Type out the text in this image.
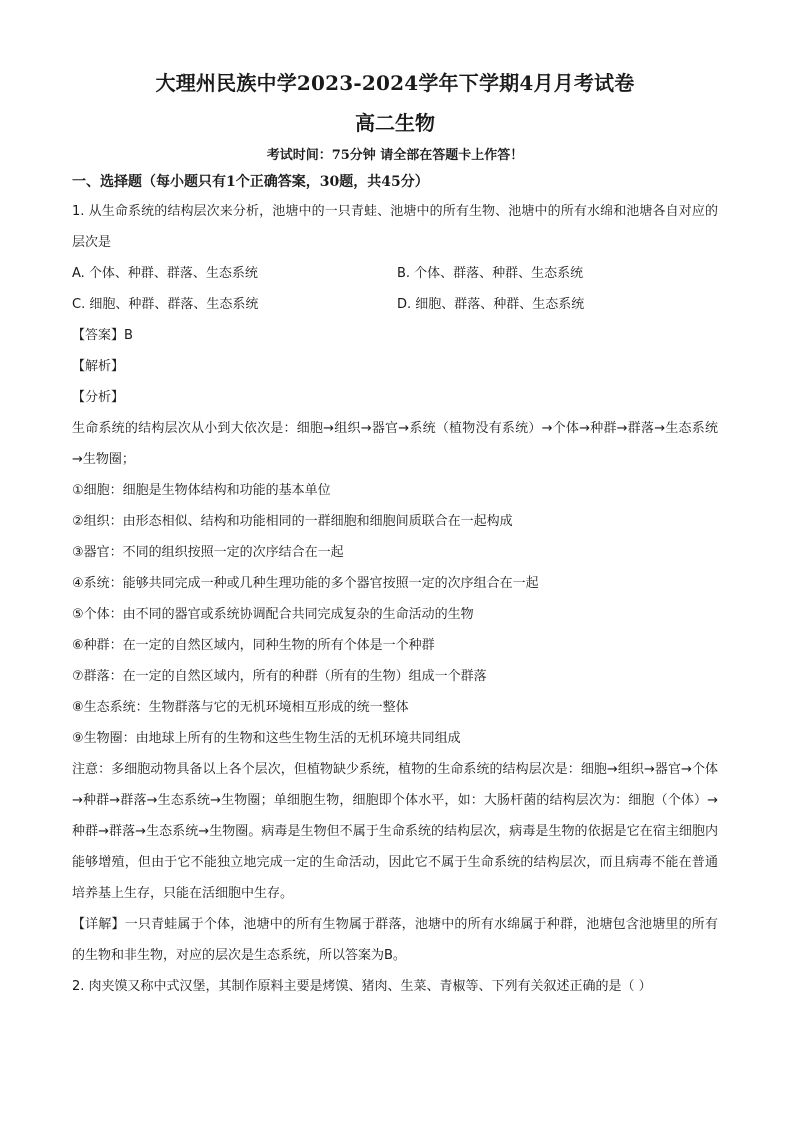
大理州民族中学2023-2024学年下学期4月月考试卷
高二生物
考试时间：75分钟 请全部在答题卡上作答！
一、选择题（每小题只有1个正确答案，30题，共45分）

1. 从生命系统的结构层次来分析，池塘中的一只青蛙、池塘中的所有生物、池塘中的所有水绵和池塘各自对应的层次是

A. 个体、种群、群落、生态系统	B. 个体、群落、种群、生态系统
C. 细胞、种群、群落、生态系统	D. 细胞、群落、种群、生态系统
【答案】B
【解析】
【分析】

生命系统的结构层次从小到大依次是：细胞→组织→器官→系统（植物没有系统）→个体→种群→群落→生态系统→生物圈；

①细胞：细胞是生物体结构和功能的基本单位

②组织：由形态相似、结构和功能相同的一群细胞和细胞间质联合在一起构成

③器官：不同的组织按照一定的次序结合在一起

④系统：能够共同完成一种或几种生理功能的多个器官按照一定的次序组合在一起

⑤个体：由不同的器官或系统协调配合共同完成复杂的生命活动的生物

⑥种群：在一定的自然区域内，同种生物的所有个体是一个种群

⑦群落：在一定的自然区域内，所有的种群（所有的生物）组成一个群落

⑧生态系统：生物群落与它的无机环境相互形成的统一整体

⑨生物圈：由地球上所有的生物和这些生物生活的无机环境共同组成

注意：多细胞动物具备以上各个层次，但植物缺少系统，植物的生命系统的结构层次是：细胞→组织→器官→个体→种群→群落→生态系统→生物圈；单细胞生物，细胞即个体水平，如：大肠杆菌的结构层次为：细胞（个体）→种群→群落→生态系统→生物圈。病毒是生物但不属于生命系统的结构层次，病毒是生物的依据是它在宿主细胞内能够增殖，但由于它不能独立地完成一定的生命活动，因此它不属于生命系统的结构层次，而且病毒不能在普通培养基上生存，只能在活细胞中生存。

【详解】一只青蛙属于个体，池塘中的所有生物属于群落，池塘中的所有水绵属于种群，池塘包含池塘里的所有的生物和非生物，对应的层次是生态系统，所以答案为B。

2. 肉夹馍又称中式汉堡，其制作原料主要是烤馍、猪肉、生菜、青椒等、下列有关叙述正确的是（ ）
